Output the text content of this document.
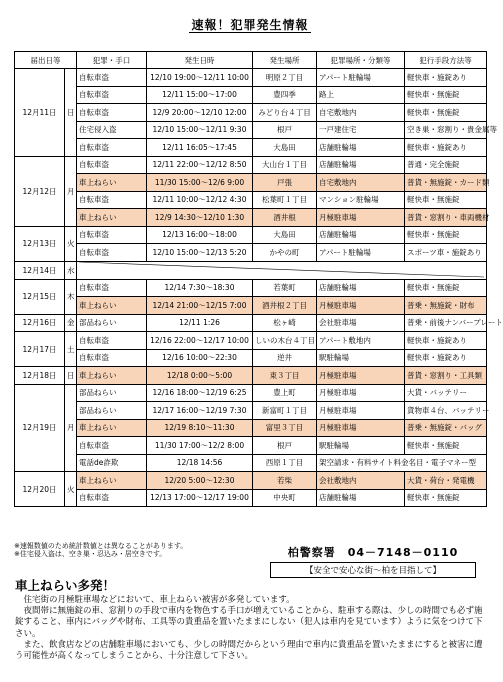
速報！犯罪発生情報
届出日等		犯罪・手口	発生日時	発生場所	犯罪場所・分類等	犯行手段方法等
12月11日	日	自転車盗	12/10 19:00～12/11 10:00	明原２丁目	アパート駐輪場	軽快車・施錠あり
		自転車盗	12/11 15:00～17:00	豊四季	路上	軽快車・無施錠
		自転車盗	12/9 20:00～12/10 12:00	みどり台４丁目	自宅敷地内	軽快車・無施錠
		住宅侵入盗	12/10 15:00～12/11 9:30	根戸	一戸建住宅	空き巣・窓割り・貴金属等
		自転車盗	12/11 16:05～17:45	大島田	店舗駐輪場	軽快車・施錠あり
12月12日	月	自転車盗	12/11 22:00～12/12 8:50	大山台１丁目	店舗駐輪場	普通・完全施錠
		車上ねらい	11/30 15:00～12/6 9:00	戸張	自宅敷地内	普貨・無施錠・カード類
		自転車盗	12/11 10:00～12/12 4:30	松葉町１丁目	マンション駐輪場	軽快車・無施錠
		車上ねらい	12/9 14:30～12/10 1:30	酒井根	月極駐車場	普貨・窓割り・車両機材
12月13日	火	自転車盗	12/13 16:00～18:00	大島田	店舗駐輪場	軽快車・無施錠
		自転車盗	12/10 15:00～12/13 5:20	かやの町	アパート駐輪場	スポーツ車・施錠あり
12月14日	水	
12月15日	木	自転車盗	12/14 7:30～18:30	若葉町	店舗駐輪場	軽快車・無施錠
		車上ねらい	12/14 21:00～12/15 7:00	酒井根２丁目	月極駐車場	普乗・無施錠・財布
12月16日	金	部品ねらい	12/11 1:26	松ヶ崎	会社駐車場	普乗・前後ナンバープレート
12月17日	土	自転車盗	12/16 22:00～12/17 10:00	しいの木台４丁目	アパート敷地内	軽快車・施錠あり
		自転車盗	12/16 10:00～22:30	逆井	駅駐輪場	軽快車・施錠あり
12月18日	日	車上ねらい	12/18 0:00～5:00	東３丁目	月極駐車場	普貨・窓割り・工具類
12月19日	月	部品ねらい	12/16 18:00～12/19 6:25	豊上町	月極駐車場	大貨・バッテリー
		部品ねらい	12/17 16:00～12/19 7:30	新富町１丁目	月極駐車場	貨物車４台、バッテリー
		車上ねらい	12/19 8:10～11:30	富里３丁目	月極駐車場	普乗・無施錠・バッグ
		自転車盗	11/30 17:00～12/2 8:00	根戸	駅駐輪場	軽快車・無施錠
		電話de詐欺	12/18 14:56	西原１丁目	架空請求・有料サイト料金名目・電子マネー型	
12月20日	火	車上ねらい	12/20 5:00～12:30	若柴	会社敷地内	大貨・荷台・発電機
		自転車盗	12/13 17:00～12/17 19:00	中央町	店舗駐輪場	軽快車・無施錠
※速報数値のため統計数値とは異なることがあります。
※住宅侵入盗は、空き巣・忍込み・居空きです。	柏警察署　04－7148－0110
【安全で安心な街～柏を目指して】
車上ねらい多発！

住宅街の月極駐車場などにおいて、車上ねらい被害が多発しています。

夜間帯に無施錠の車、窓割りの手段で車内を物色する手口が増えていることから、駐車する際は、少しの時間でも必ず施錠すること、車内にバッグや財布、工具等の貴重品を置いたままにしない（犯人は車内を見ています）ように気をつけて下さい。

また、飲食店などの店舗駐車場においても、少しの時間だからという理由で車内に貴重品を置いたままにすると被害に遭う可能性が高くなってしまうことから、十分注意して下さい。
